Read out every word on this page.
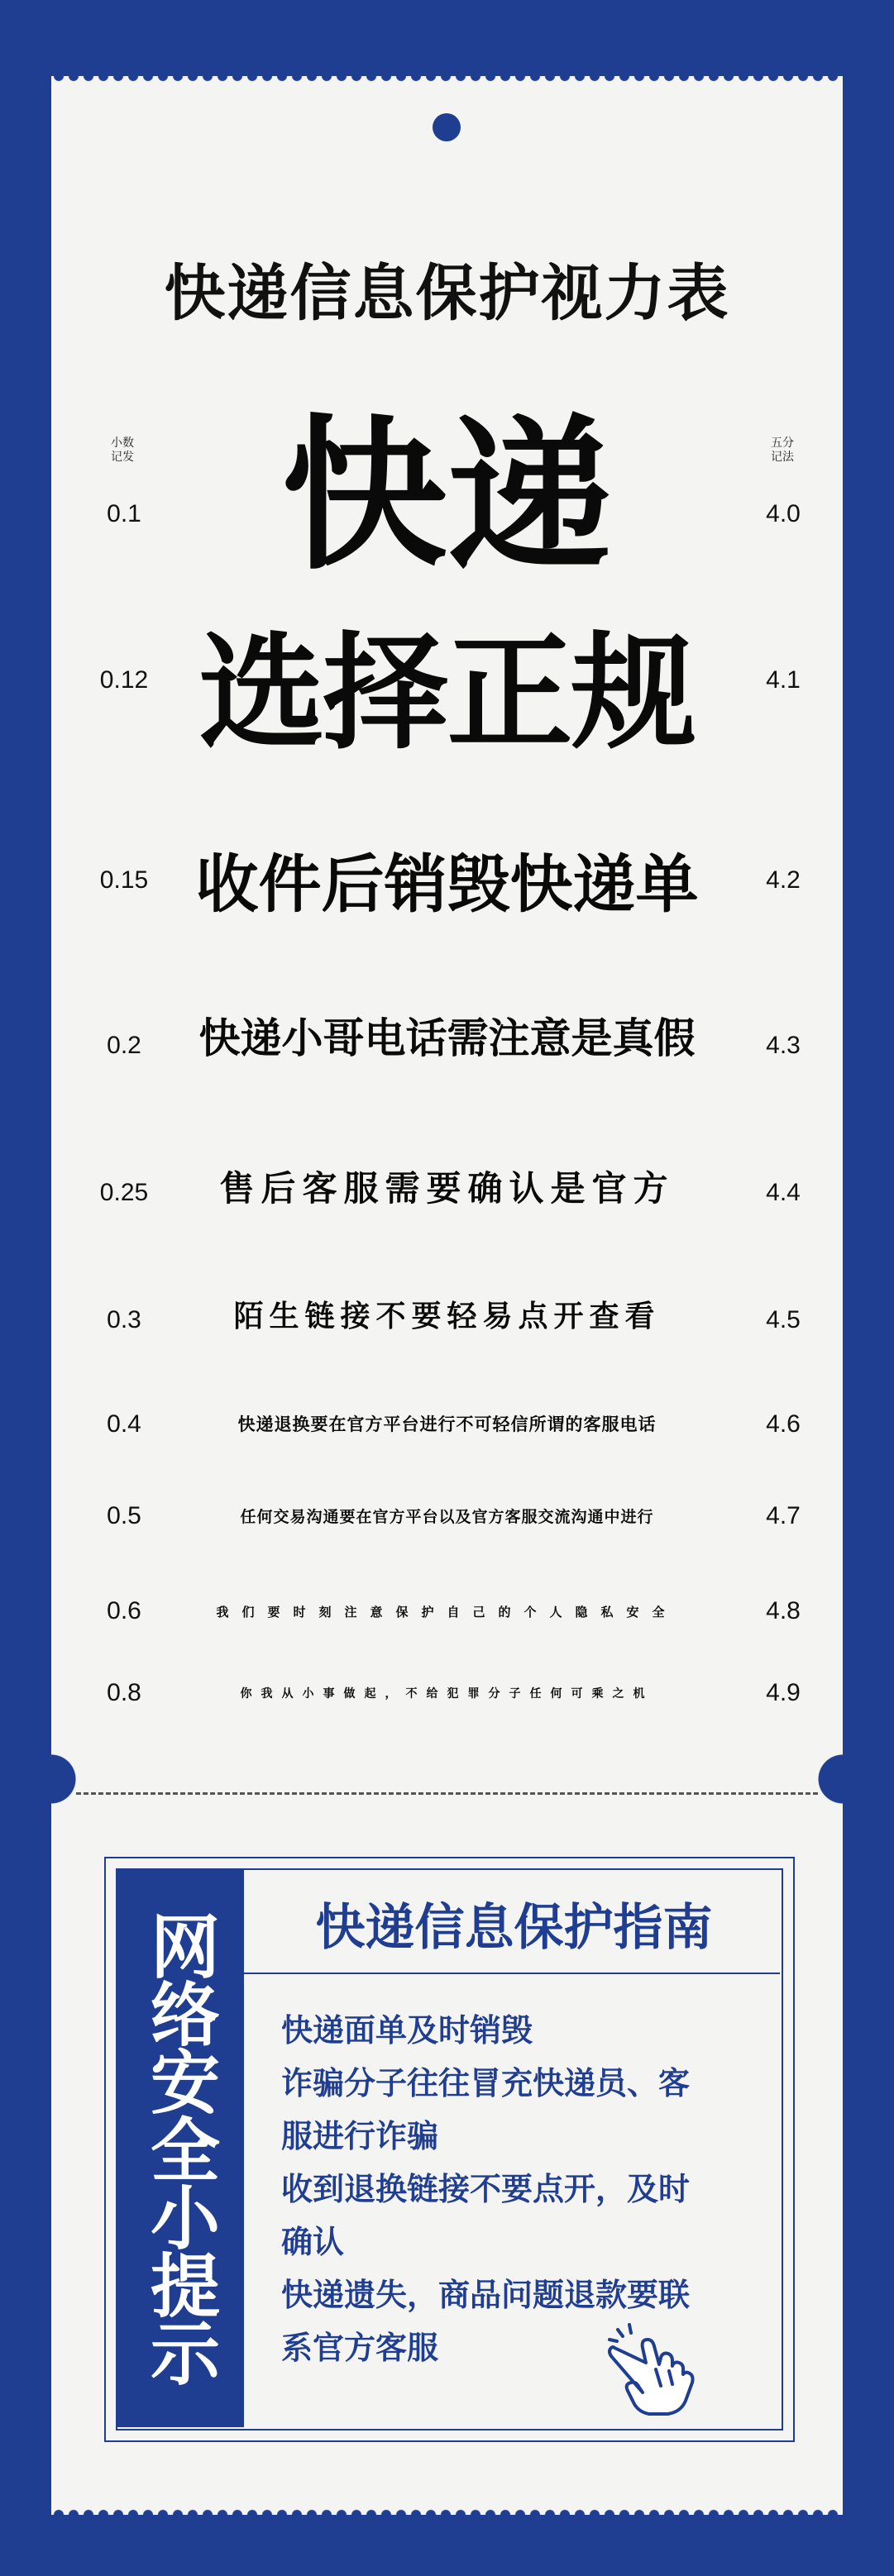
快递信息保护视力表
小数记发
五分记法
0.1 快递	4.0
0.12 选择正规	4.1
0.15 收件后销毁快递单	4.2
0.2	快递小哥电话需注意是真假	4.3
0.25	售后客服需要确认是官方	4.4
0.3	陌生链接不要轻易点开查看	4.5
0.4	快递退换要在官方平台进行不可轻信所谓的客服电话	4.6
0.5	任何交易沟通要在官方平台以及官方客服交流沟通中进行	4.7
0.6	我们要时刻注意保护自己的个人隐私安全	4.8
0.8	你我从小事做起，不给犯罪分子任何可乘之机	4.9
网络安全小提示	快递信息保护指南
快递面单及时销毁
诈骗分子往往冒充快递员、客
服进行诈骗
收到退换链接不要点开，及时
确认
快递遗失，商品问题退款要联
系官方客服
